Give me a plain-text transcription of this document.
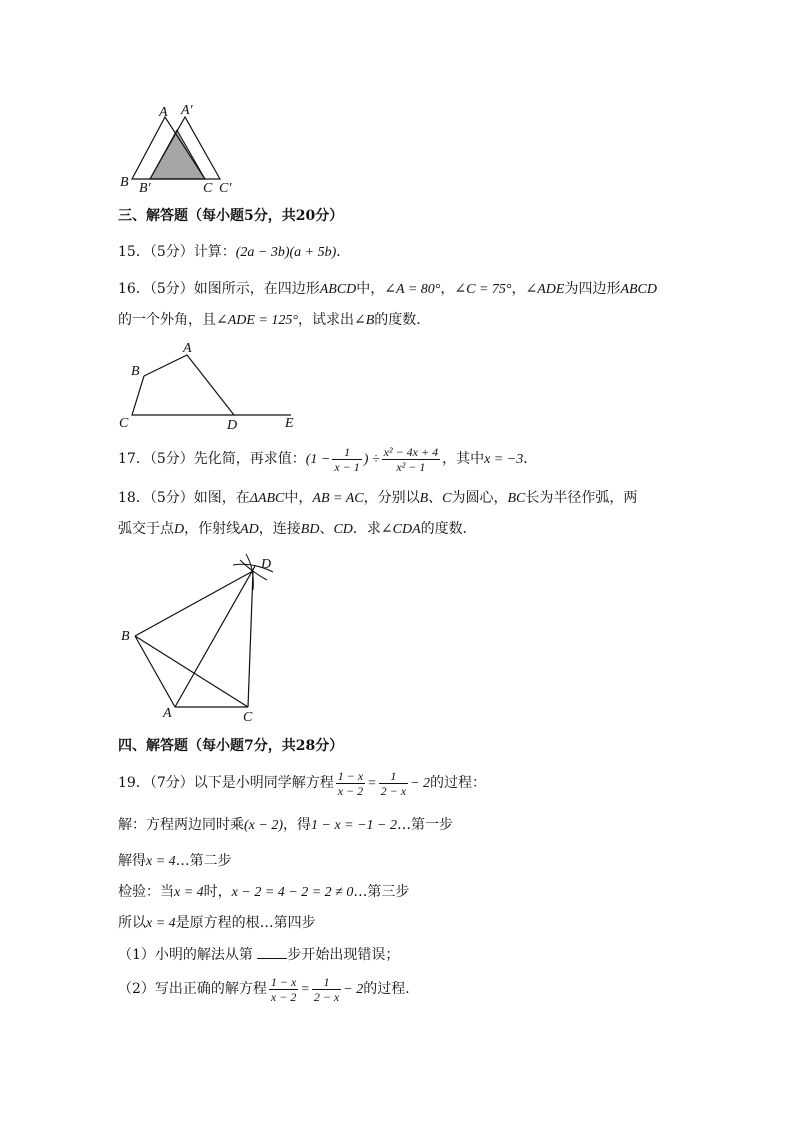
A A′
B B′	C C′
三、解答题（每小题5分，共20分）
15．（5分）计算：(2a − 3b)(a + 5b)．
16．（5分）如图所示，在四边形ABCD中，∠A = 80°，∠C = 75°，∠ADE为四边形ABCD
的一个外角，且∠ADE = 125°，试求出∠B的度数．
A
B
C	D	E
17．（5分）先化简，再求值：($1 - \frac{1}{x - 1}$ ) ÷ $\frac{\text{x² − 4x + 4}}{\text{x² − 1}}$ ，其中x = −3．
18．（5分）如图，在ΔABC中，AB = AC，分别以B、C为圆心，BC长为半径作弧，两
弧交于点D，作射线AD，连接BD、CD．求∠CDA的度数．
D
B
A	C
四、解答题（每小题7分，共28分）
19．（7分）以下是小明同学解方程 $\frac{1 - x}{x - 2} = \frac{1}{2 - x} - 2$的过程：
解：方程两边同时乘(x − 2)，得1 − x = −1 − 2…第一步
解得x = 4…第二步
检验：当x = 4时，x − 2 = 4 − 2 = 2 ≠ 0…第三步
所以x = 4是原方程的根…第四步
（1）小明的解法从第 步开始出现错误；
（2）写出正确的解方程 $\frac{1 - x}{x - 2} = \frac{1}{2 - x} - 2$的过程．
